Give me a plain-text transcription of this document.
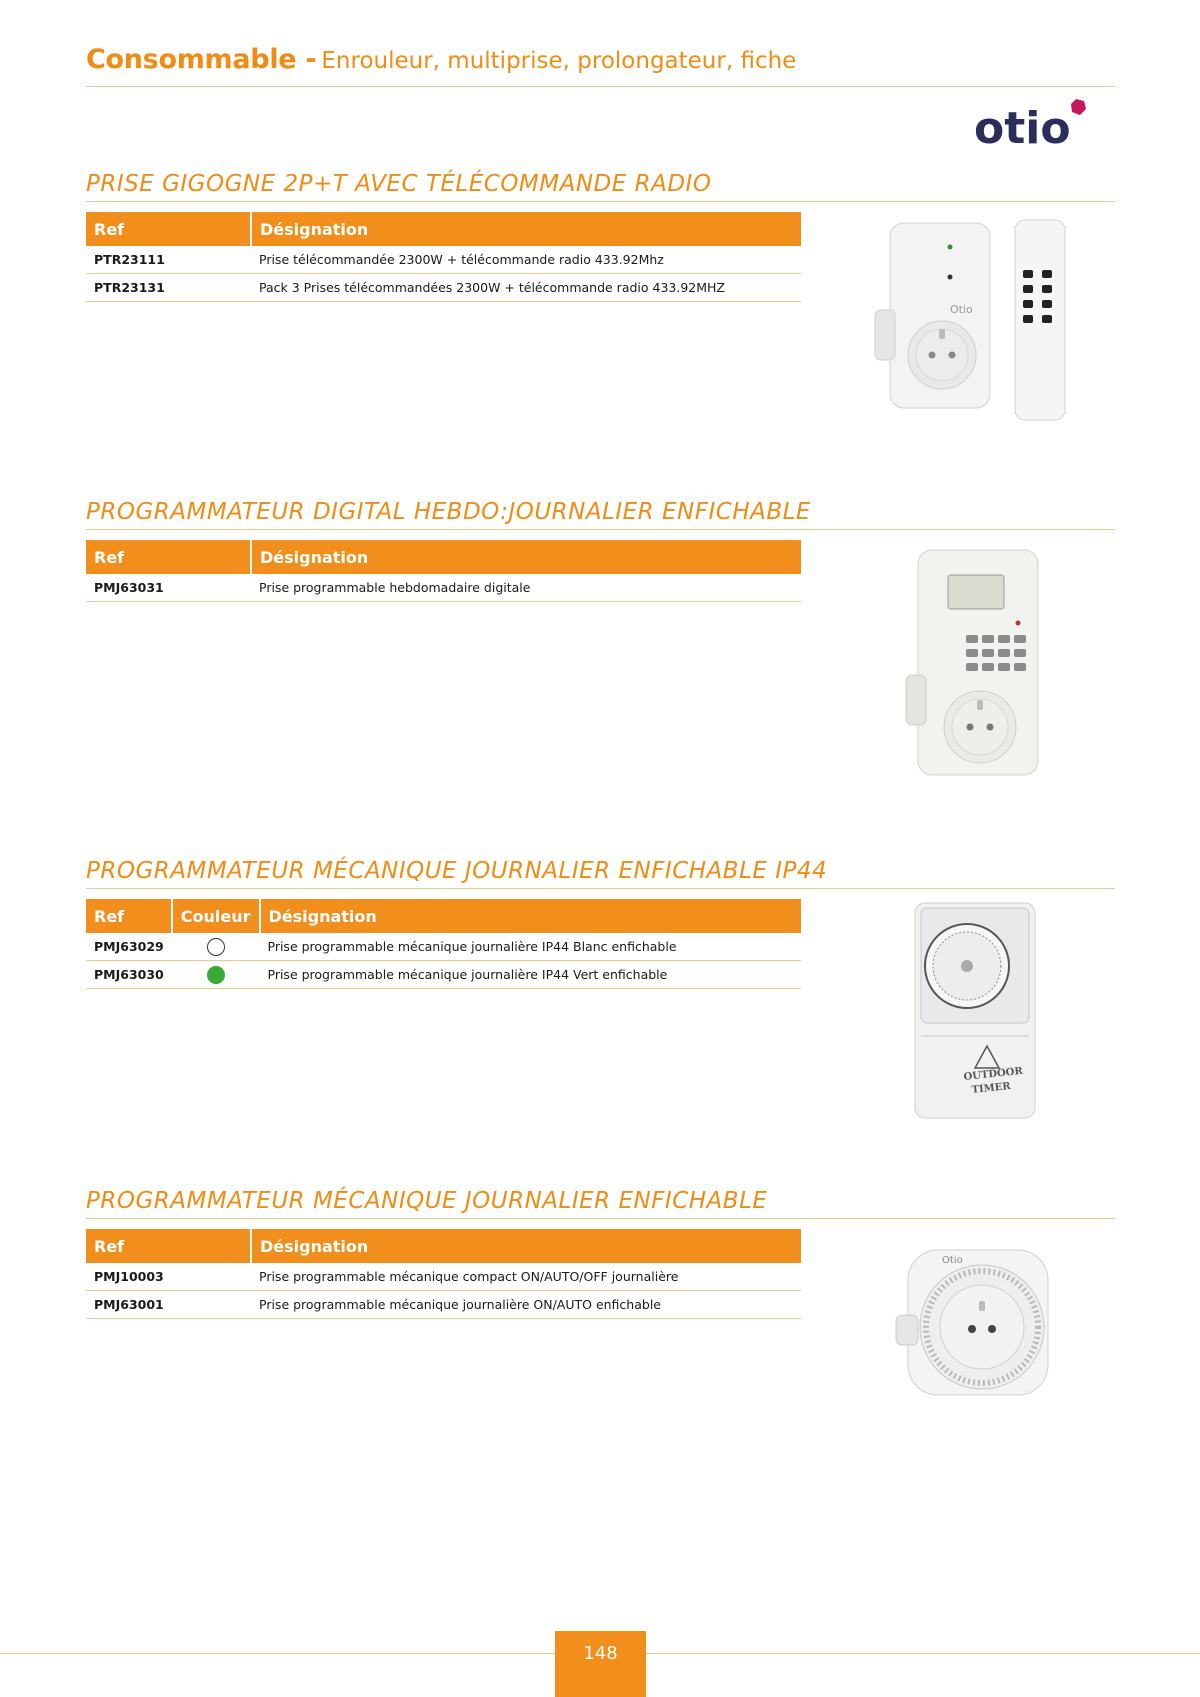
Consommable - Enrouleur, multiprise, prolongateur, fiche
otio
PRISE GIGOGNE 2P+T AVEC TÉLÉCOMMANDE RADIO
Ref	Désignation
PTR23111	Prise télécommandée 2300W + télécommande radio 433.92Mhz
PTR23131	Pack 3 Prises télécommandées 2300W + télécommande radio 433.92MHZ
Otio
PROGRAMMATEUR DIGITAL HEBDO:JOURNALIER ENFICHABLE
Ref	Désignation
PMJ63031	Prise programmable hebdomadaire digitale
PROGRAMMATEUR MÉCANIQUE JOURNALIER ENFICHABLE IP44
Ref	Couleur	Désignation
PMJ63029		Prise programmable mécanique journalière IP44 Blanc enfichable
PMJ63030		Prise programmable mécanique journalière IP44 Vert enfichable
OUTDOOR
TIMER
PROGRAMMATEUR MÉCANIQUE JOURNALIER ENFICHABLE
Ref	Désignation
PMJ10003	Prise programmable mécanique compact ON/AUTO/OFF journalière
PMJ63001	Prise programmable mécanique journalière ON/AUTO enfichable
Otio
148
